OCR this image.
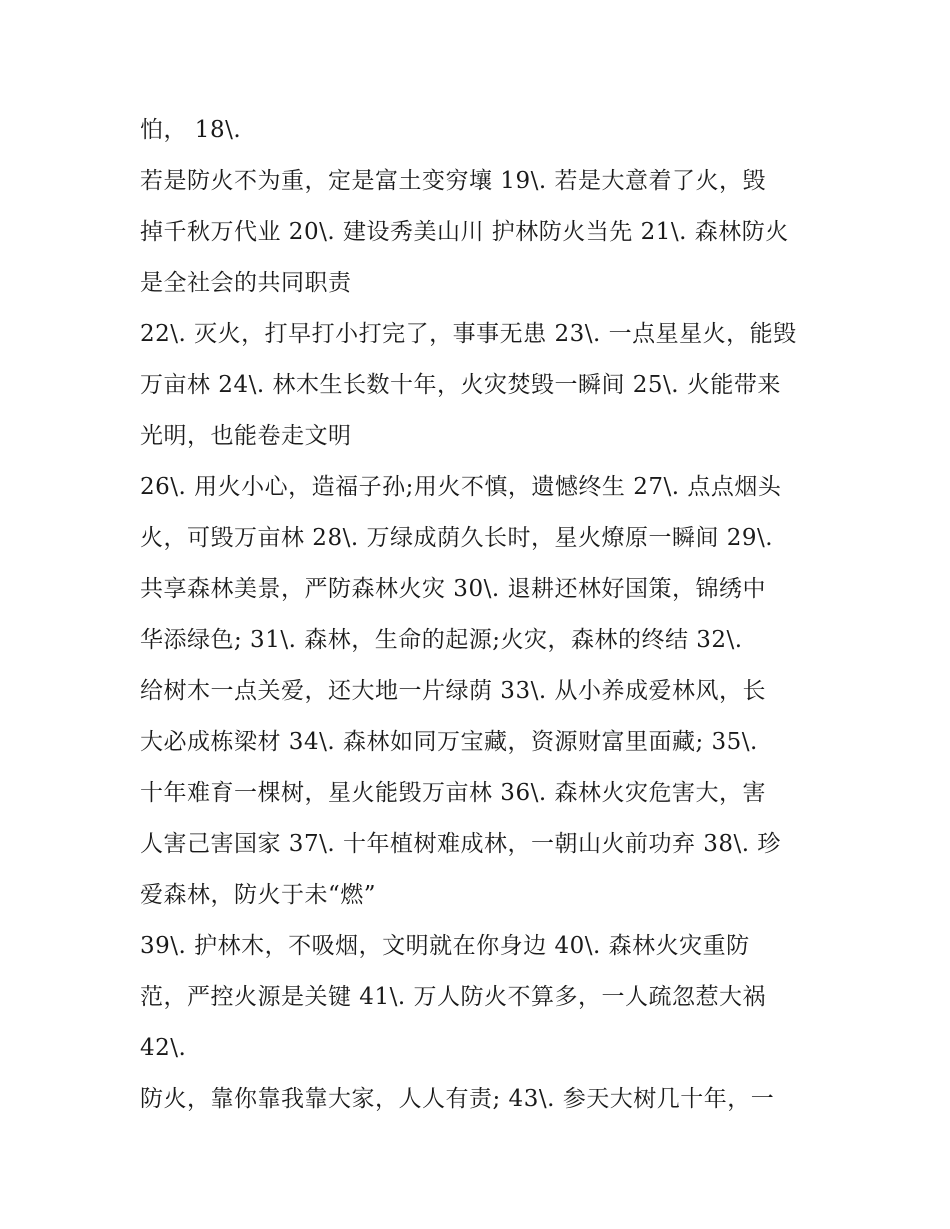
怕， 18\.
若是防火不为重，定是富土变穷壤 19\. 若是大意着了火，毁
掉千秋万代业 20\. 建设秀美山川 护林防火当先 21\. 森林防火
是全社会的共同职责
22\. 灭火，打早打小打完了，事事无患 23\. 一点星星火，能毁
万亩林 24\. 林木生长数十年，火灾焚毁一瞬间 25\. 火能带来
光明，也能卷走文明
26\. 用火小心，造福子孙;用火不慎，遗憾终生 27\. 点点烟头
火，可毁万亩林 28\. 万绿成荫久长时，星火燎原一瞬间 29\.
共享森林美景，严防森林火灾 30\. 退耕还林好国策，锦绣中
华添绿色; 31\. 森林，生命的起源;火灾，森林的终结 32\.
给树木一点关爱，还大地一片绿荫 33\. 从小养成爱林风，长
大必成栋梁材 34\. 森林如同万宝藏，资源财富里面藏; 35\.
十年难育一棵树，星火能毁万亩林 36\. 森林火灾危害大，害
人害己害国家 37\. 十年植树难成林，一朝山火前功弃 38\. 珍
爱森林，防火于未“燃”
39\. 护林木，不吸烟，文明就在你身边 40\. 森林火灾重防
范，严控火源是关键 41\. 万人防火不算多，一人疏忽惹大祸
42\.
防火，靠你靠我靠大家，人人有责; 43\. 参天大树几十年，一
